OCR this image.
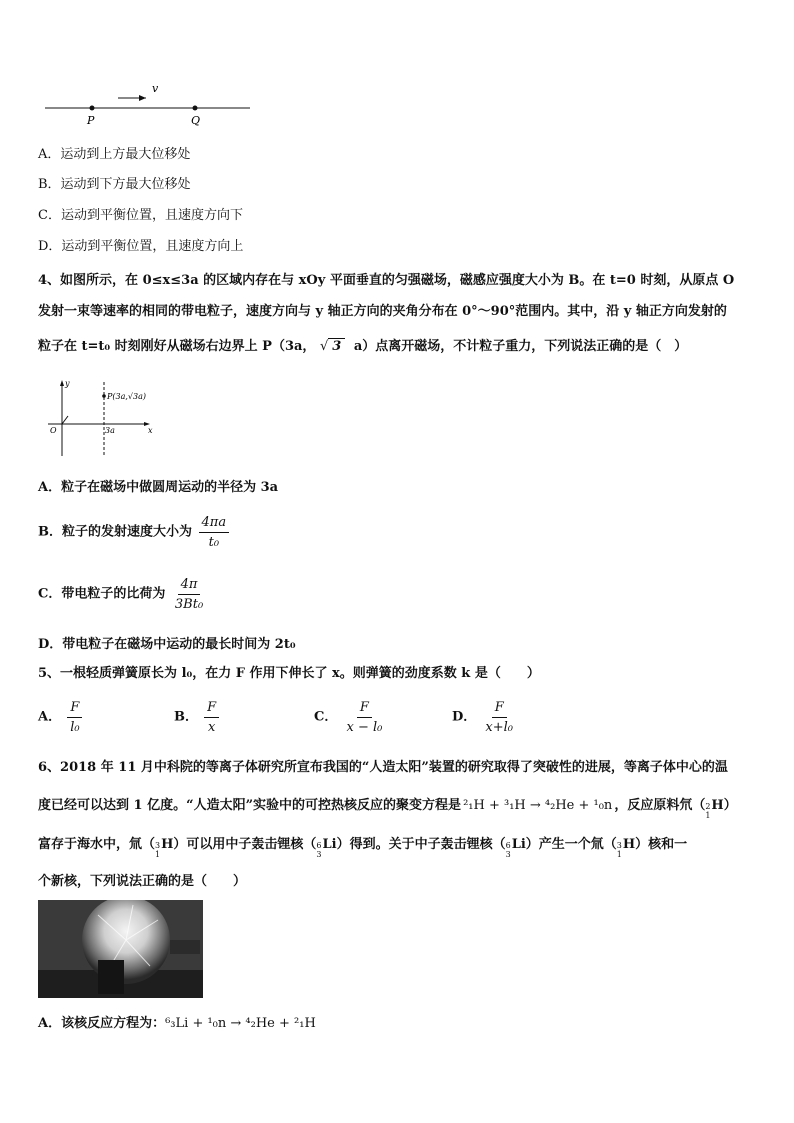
v
P	Q
A．运动到上方最大位移处
B．运动到下方最大位移处
C．运动到平衡位置，且速度方向下
D．运动到平衡位置，且速度方向上
4、如图所示，在 0≤x≤3a 的区域内存在与 xOy 平面垂直的匀强磁场，磁感应强度大小为 B。在 t=0 时刻，从原点 O
发射一束等速率的相同的带电粒子，速度方向与 y 轴正方向的夹角分布在 0°～90°范围内。其中，沿 y 轴正方向发射的
粒子在 t=t₀ 时刻刚好从磁场右边界上 P（3a， √ 3 a）点离开磁场，不计粒子重力，下列说法正确的是（　）
y
x
O	3a
P(3a,√3a)
A．粒子在磁场中做圆周运动的半径为 3a
B．粒子的发射速度大小为 $\frac{4\pi a}{\text{t₀}}$
C．带电粒子的比荷为 $\frac{4\pi}{\text{3Bt₀}}$
D．带电粒子在磁场中运动的最长时间为 2t₀
5、一根轻质弹簧原长为 l₀，在力 F 作用下伸长了 x。则弹簧的劲度系数 k 是（　　）
A． $\frac{F}{\text{l₀}}$	B． $\frac{F}{x}$	C． $\frac{F}{\text{x − l₀}}$	D． $\frac{F}{\text{x+l₀}}$
6、2018 年 11 月中科院的等离子体研究所宣布我国的“人造太阳”装置的研究取得了突破性的进展，等离子体中心的温
度已经可以达到 1 亿度。“人造太阳”实验中的可控热核反应的聚变方程是 ²₁H + ³₁H → ⁴₂He + ¹₀n ，反应原料氘（ 2
1
H）
富存于海水中，氚（ 3
1
H）可以用中子轰击锂核（ 6
3
Li）得到。关于中子轰击锂核（ 6
3
Li）产生一个氚（ 3
1
H）核和一
个新核，下列说法正确的是（　　）
A．该核反应方程为：⁶₃Li + ¹₀n → ⁴₂He + ²₁H
